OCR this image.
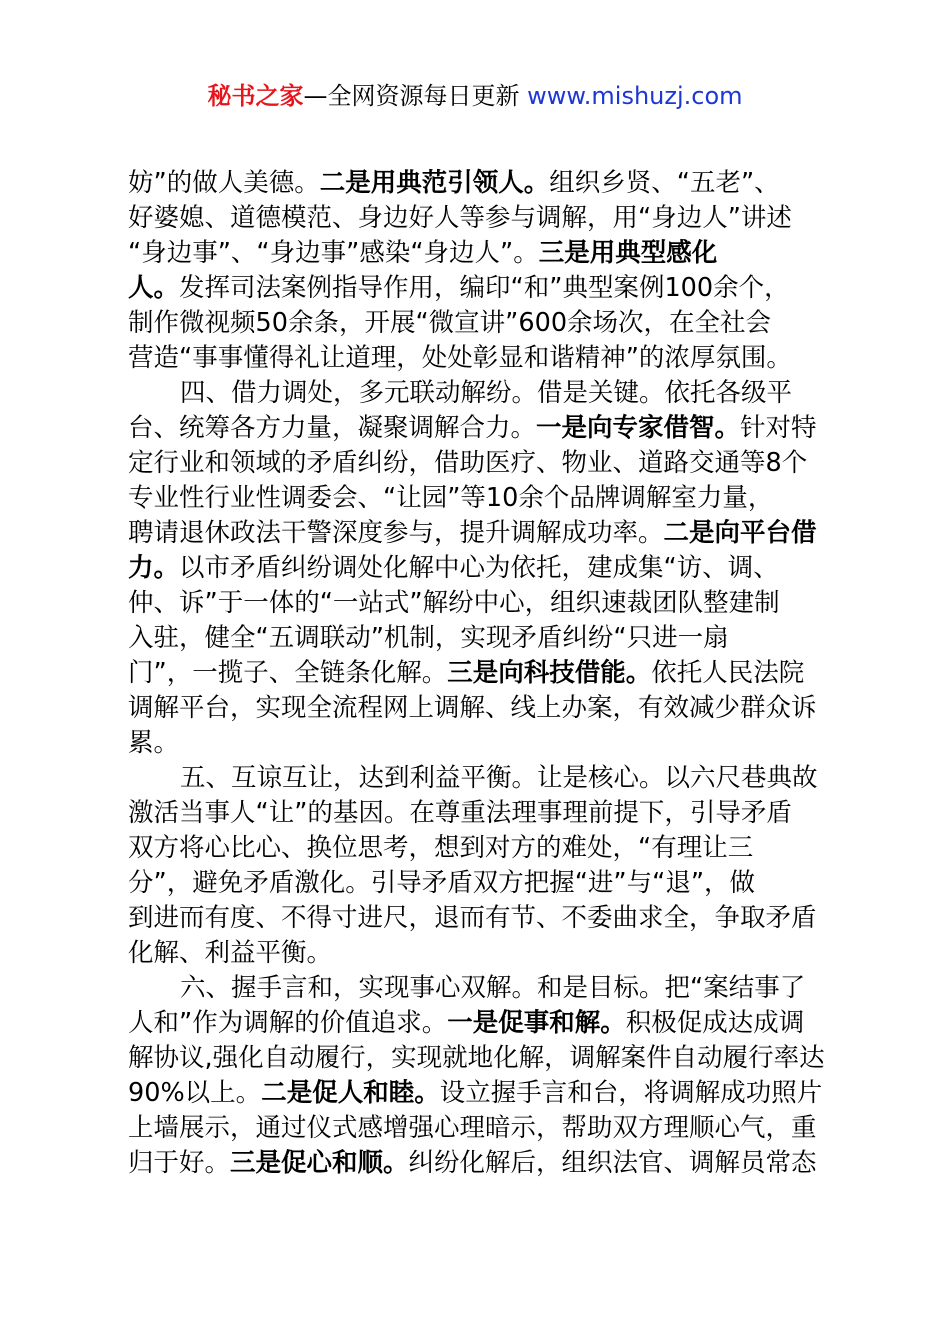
秘书之家—全网资源每日更新 www.mishuzj.com
妨”的做人美德。二是用典范引领人。组织乡贤、“五老”、
好婆媳、道德模范、身边好人等参与调解，用“身边人”讲述
“身边事”、“身边事”感染“身边人”。三是用典型感化
人。发挥司法案例指导作用，编印“和”典型案例100余个，
制作微视频50余条，开展“微宣讲”600余场次，在全社会
营造“事事懂得礼让道理，处处彰显和谐精神”的浓厚氛围。
四、借力调处，多元联动解纷。借是关键。依托各级平
台、统筹各方力量，凝聚调解合力。一是向专家借智。针对特
定行业和领域的矛盾纠纷，借助医疗、物业、道路交通等8个
专业性行业性调委会、“让园”等10余个品牌调解室力量，
聘请退休政法干警深度参与，提升调解成功率。二是向平台借
力。以市矛盾纠纷调处化解中心为依托，建成集“访、调、
仲、诉”于一体的“一站式”解纷中心，组织速裁团队整建制
入驻，健全“五调联动”机制，实现矛盾纠纷“只进一扇
门”，一揽子、全链条化解。三是向科技借能。依托人民法院
调解平台，实现全流程网上调解、线上办案，有效减少群众诉
累。
五、互谅互让，达到利益平衡。让是核心。以六尺巷典故
激活当事人“让”的基因。在尊重法理事理前提下，引导矛盾
双方将心比心、换位思考，想到对方的难处，“有理让三
分”，避免矛盾激化。引导矛盾双方把握“进”与“退”，做
到进而有度、不得寸进尺，退而有节、不委曲求全，争取矛盾
化解、利益平衡。
六、握手言和，实现事心双解。和是目标。把“案结事了
人和”作为调解的价值追求。一是促事和解。积极促成达成调
解协议,强化自动履行，实现就地化解，调解案件自动履行率达
90%以上。二是促人和睦。设立握手言和台，将调解成功照片
上墙展示，通过仪式感增强心理暗示，帮助双方理顺心气，重
归于好。三是促心和顺。纠纷化解后，组织法官、调解员常态
